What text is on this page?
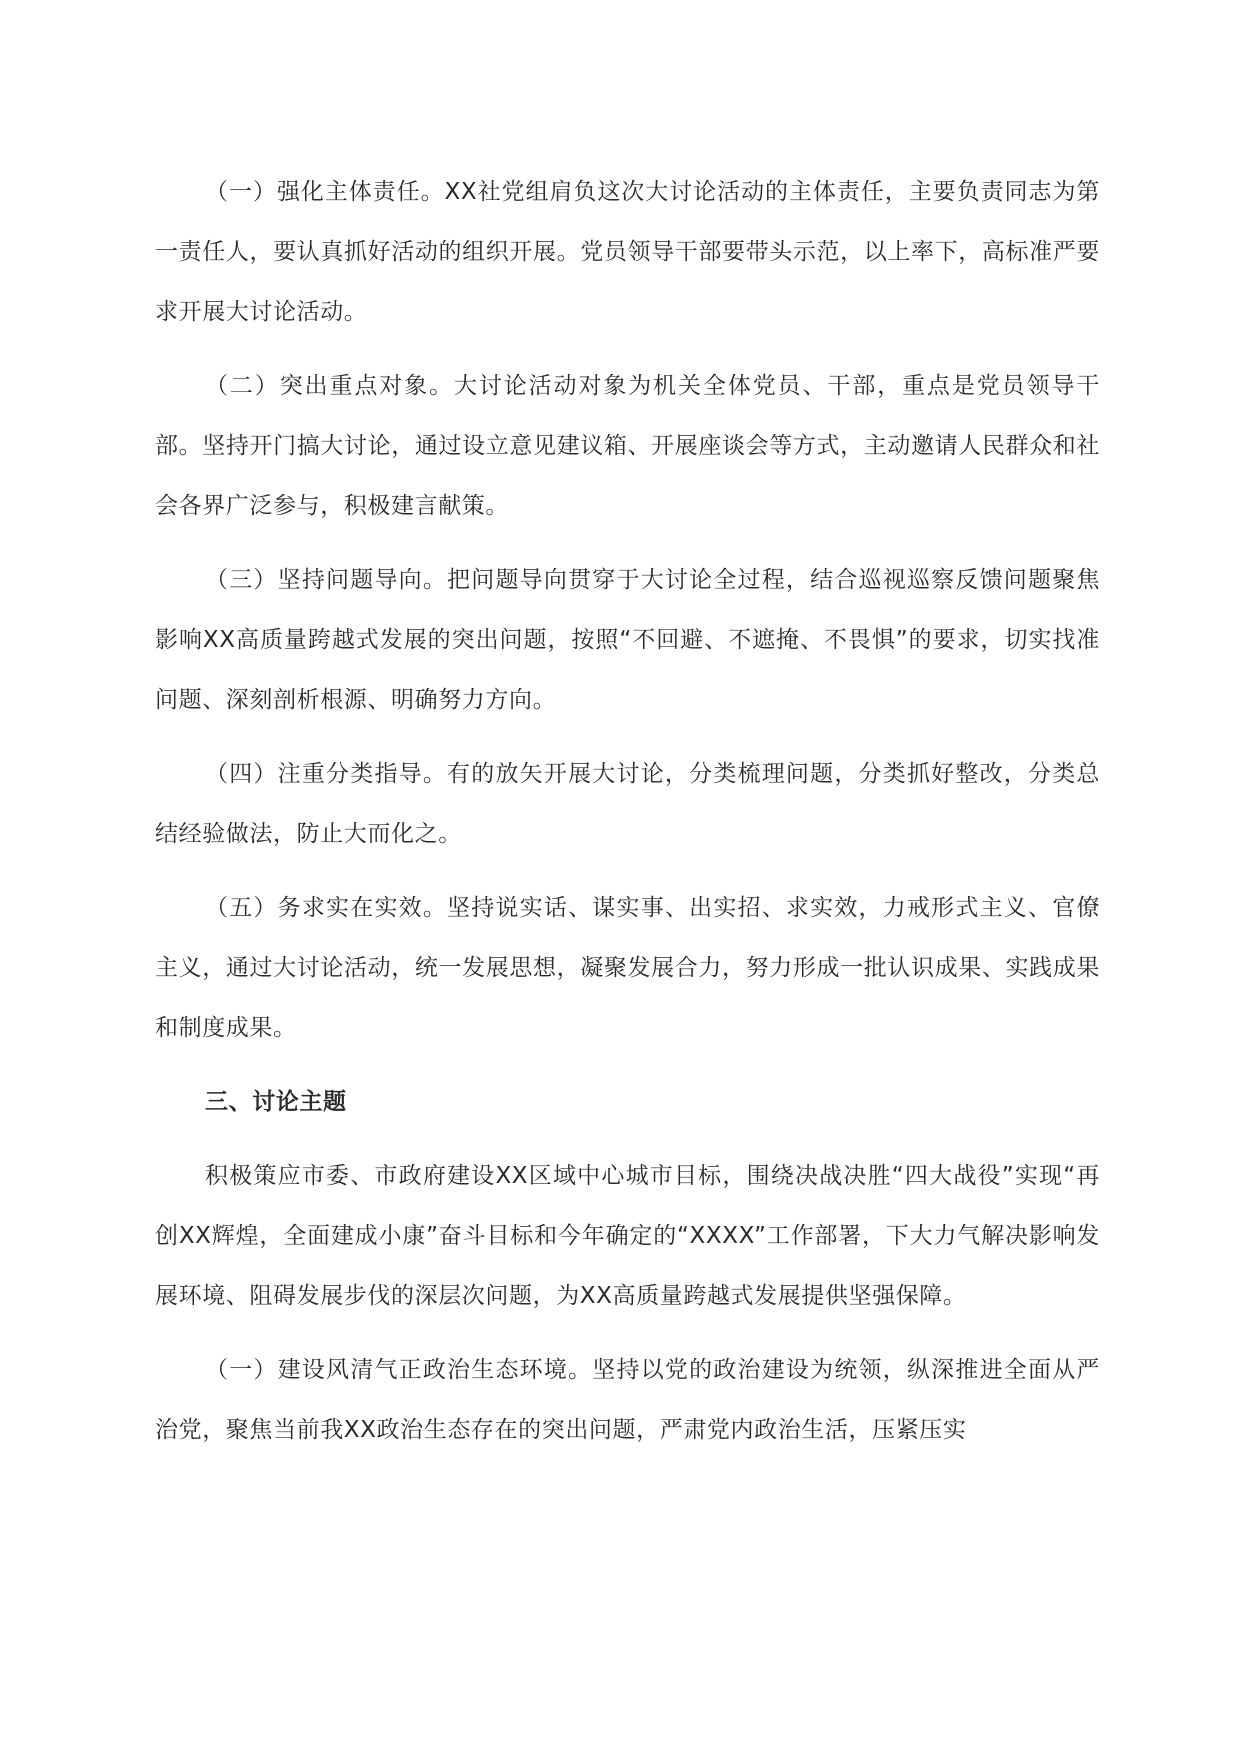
（一）强化主体责任。XX社党组肩负这次大讨论活动的主体责任，主要负责同志为第一责任人，要认真抓好活动的组织开展。党员领导干部要带头示范，以上率下，高标准严要求开展大讨论活动。

（二）突出重点对象。大讨论活动对象为机关全体党员、干部，重点是党员领导干部。坚持开门搞大讨论，通过设立意见建议箱、开展座谈会等方式，主动邀请人民群众和社会各界广泛参与，积极建言献策。

（三）坚持问题导向。把问题导向贯穿于大讨论全过程，结合巡视巡察反馈问题聚焦影响XX高质量跨越式发展的突出问题，按照“不回避、不遮掩、不畏惧”的要求，切实找准问题、深刻剖析根源、明确努力方向。

（四）注重分类指导。有的放矢开展大讨论，分类梳理问题，分类抓好整改，分类总结经验做法，防止大而化之。

（五）务求实在实效。坚持说实话、谋实事、出实招、求实效，力戒形式主义、官僚主义，通过大讨论活动，统一发展思想，凝聚发展合力，努力形成一批认识成果、实践成果和制度成果。

三、讨论主题

积极策应市委、市政府建设XX区域中心城市目标，围绕决战决胜“四大战役”实现“再创XX辉煌，全面建成小康”奋斗目标和今年确定的“XXXX”工作部署，下大力气解决影响发展环境、阻碍发展步伐的深层次问题，为XX高质量跨越式发展提供坚强保障。

（一）建设风清气正政治生态环境。坚持以党的政治建设为统领，纵深推进全面从严治党，聚焦当前我XX政治生态存在的突出问题，严肃党内政治生活，压紧压实
